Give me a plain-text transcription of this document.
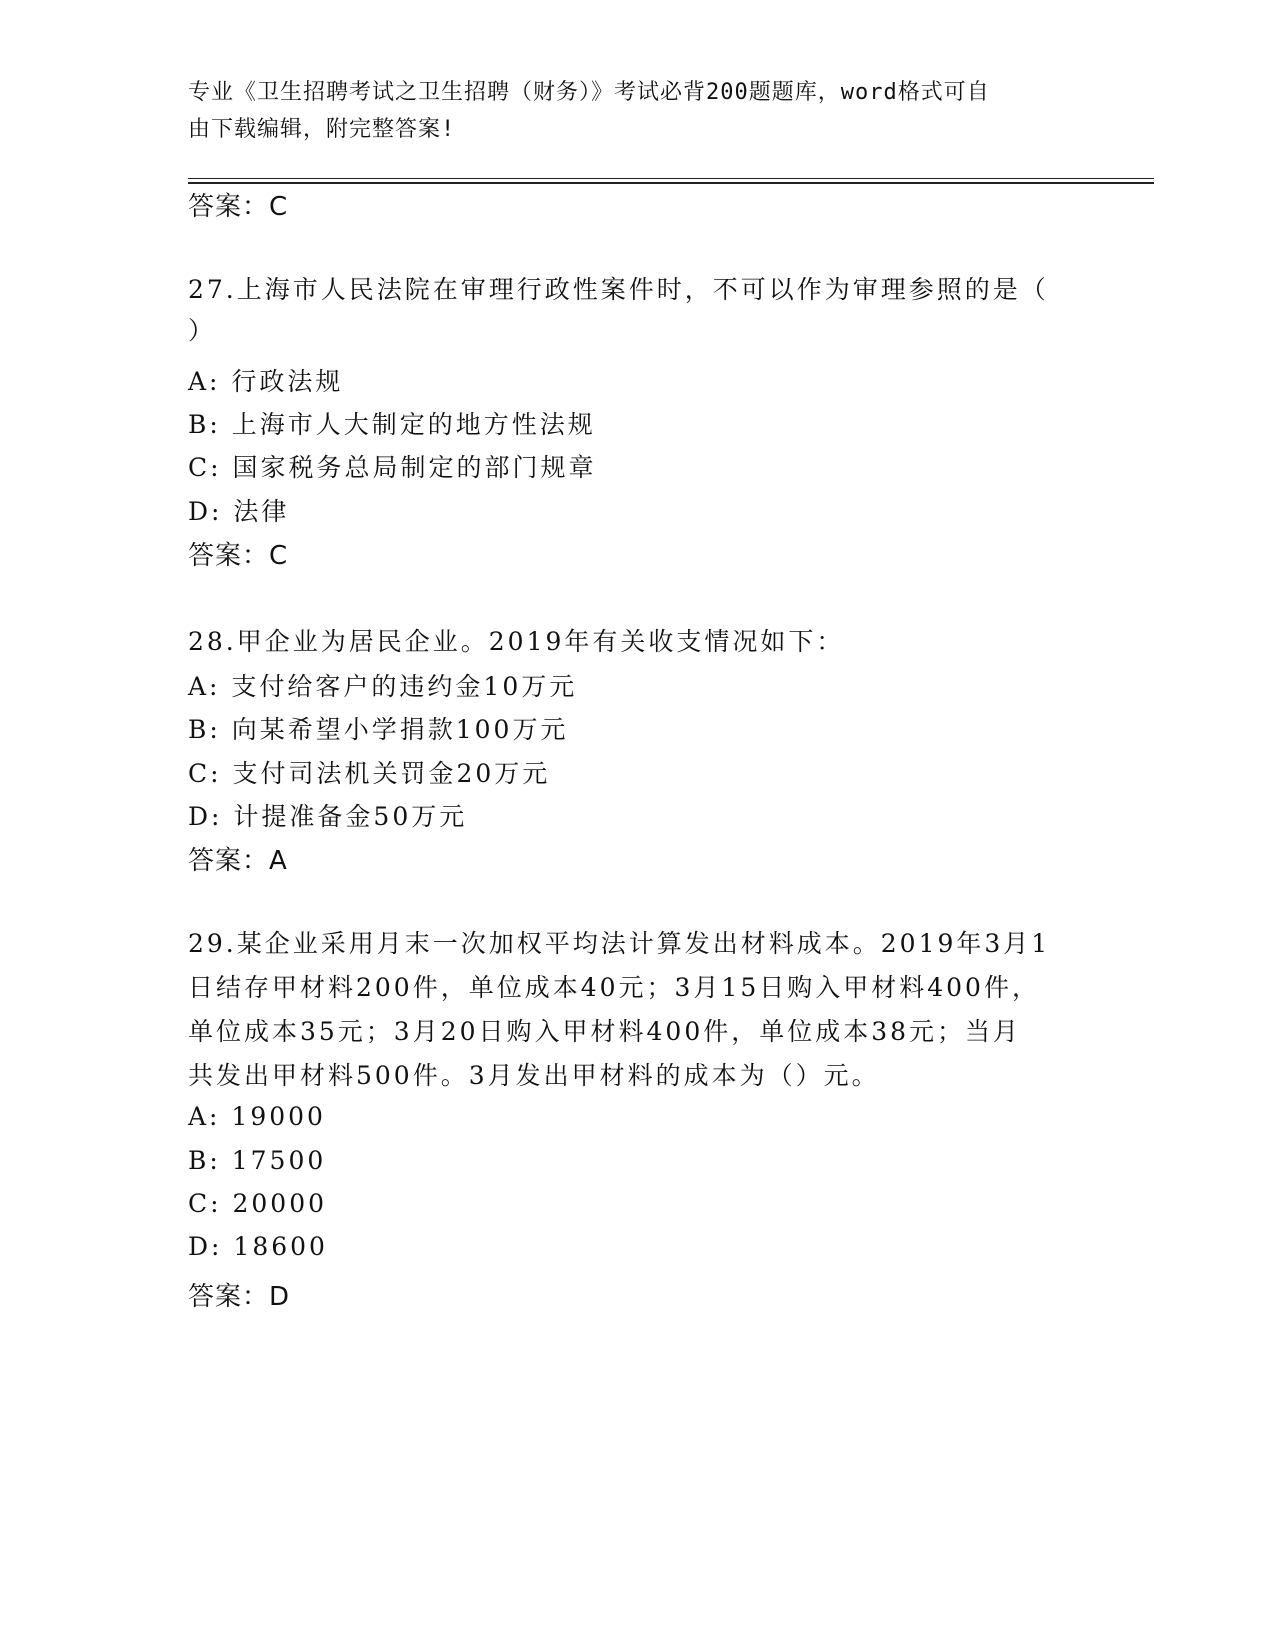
专业《卫生招聘考试之卫生招聘（财务）》考试必背200题题库，word格式可自
由下载编辑，附完整答案!
答案：C
27.上海市人民法院在审理行政性案件时，不可以作为审理参照的是（
）
A: 行政法规
B: 上海市人大制定的地方性法规
C: 国家税务总局制定的部门规章
D: 法律
答案：C
28.甲企业为居民企业。2019年有关收支情况如下：
A: 支付给客户的违约金10万元
B: 向某希望小学捐款100万元
C: 支付司法机关罚金20万元
D: 计提准备金50万元
答案：A
29.某企业采用月末一次加权平均法计算发出材料成本。2019年3月1
日结存甲材料200件，单位成本40元；3月15日购入甲材料400件，
单位成本35元；3月20日购入甲材料400件，单位成本38元；当月
共发出甲材料500件。3月发出甲材料的成本为（）元。
A: 19000
B: 17500
C: 20000
D: 18600
答案：D
